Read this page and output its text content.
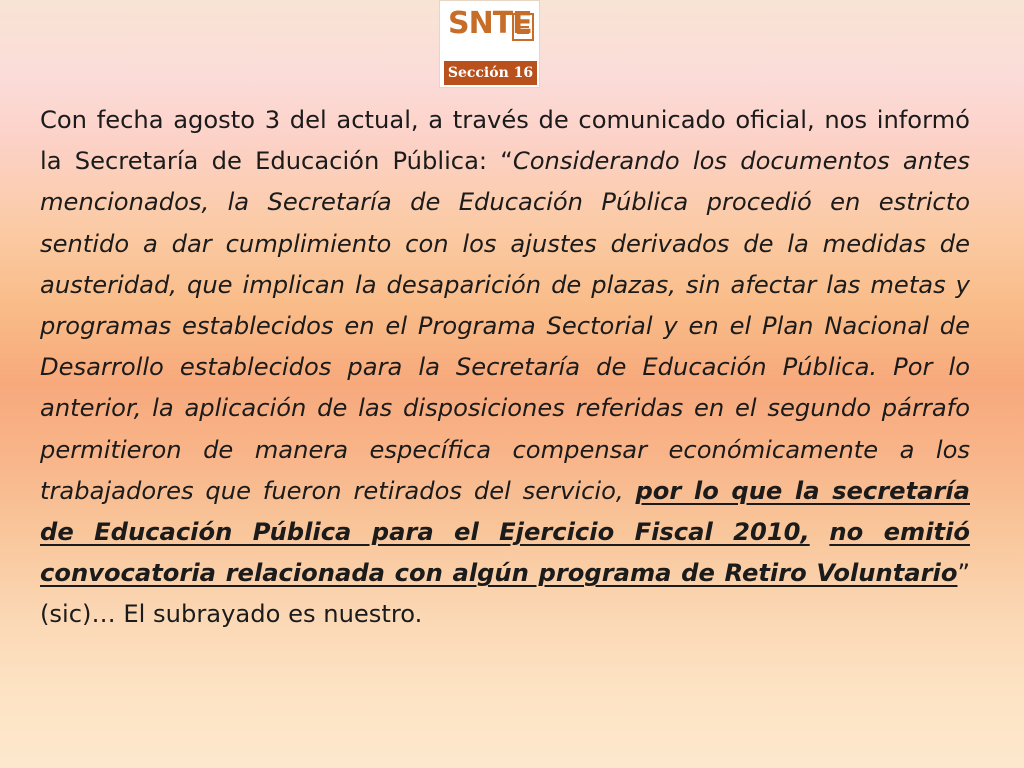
SNTE
Sección 16

Con fecha agosto 3 del actual, a través de comunicado oficial, nos informó la Secretaría de Educación Pública: “Considerando los documentos antes mencionados, la Secretaría de Educación Pública procedió en estricto sentido a dar cumplimiento con los ajustes derivados de la medidas de austeridad, que implican la desaparición de plazas, sin afectar las metas y programas establecidos en el Programa Sectorial y en el Plan Nacional de Desarrollo establecidos para la Secretaría de Educación Pública. Por lo anterior, la aplicación de las disposiciones referidas en el segundo párrafo permitieron de manera específica compensar económicamente a los trabajadores que fueron retirados del servicio, por lo que la secretaría de Educación Pública para el Ejercicio Fiscal 2010, no emitió convocatoria relacionada con algún programa de Retiro Voluntario” (sic)… El subrayado es nuestro.
